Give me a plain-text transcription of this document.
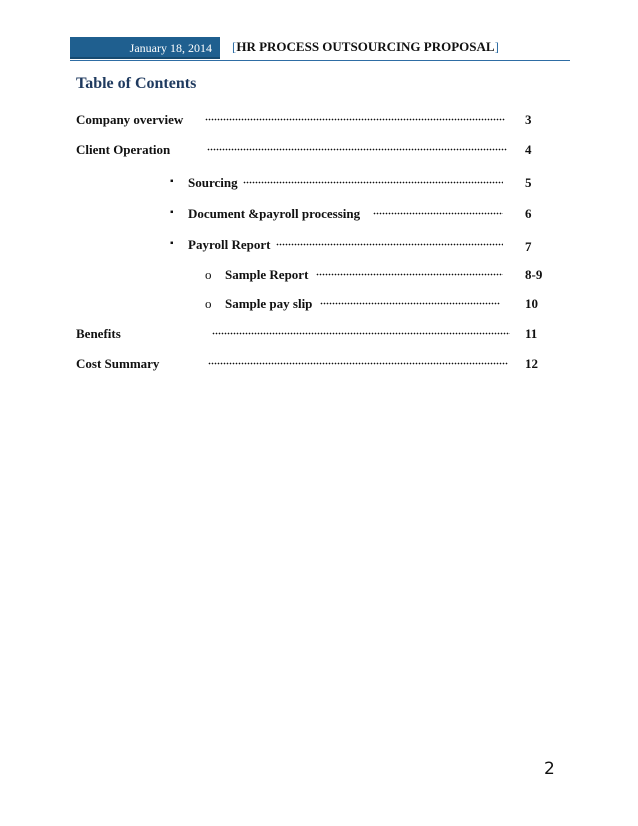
January 18, 2014	[HR PROCESS OUTSOURCING PROPOSAL]
Table of Contents
Company overview	3
Client Operation	4
▪ Sourcing	5
▪ Document &payroll processing	6
▪ Payroll Report	7
o Sample Report	8-9
o Sample pay slip	10
Benefits	11
Cost Summary	12
2
